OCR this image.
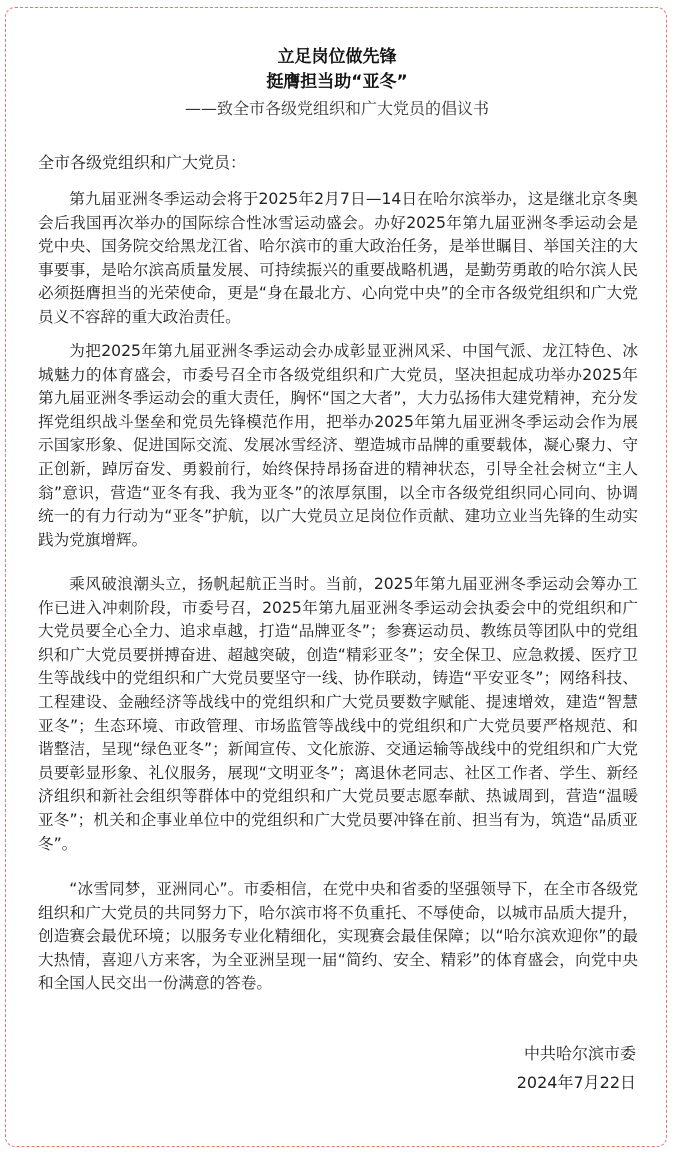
立足岗位做先锋
挺膺担当助“亚冬”
——致全市各级党组织和广大党员的倡议书
全市各级党组织和广大党员：

第九届亚洲冬季运动会将于2025年2月7日—14日在哈尔滨举办，这是继北京冬奥会后我国再次举办的国际综合性冰雪运动盛会。办好2025年第九届亚洲冬季运动会是党中央、国务院交给黑龙江省、哈尔滨市的重大政治任务，是举世瞩目、举国关注的大事要事，是哈尔滨高质量发展、可持续振兴的重要战略机遇，是勤劳勇敢的哈尔滨人民必须挺膺担当的光荣使命，更是“身在最北方、心向党中央”的全市各级党组织和广大党员义不容辞的重大政治责任。

为把2025年第九届亚洲冬季运动会办成彰显亚洲风采、中国气派、龙江特色、冰城魅力的体育盛会，市委号召全市各级党组织和广大党员，坚决担起成功举办2025年第九届亚洲冬季运动会的重大责任，胸怀“国之大者”，大力弘扬伟大建党精神，充分发挥党组织战斗堡垒和党员先锋模范作用，把举办2025年第九届亚洲冬季运动会作为展示国家形象、促进国际交流、发展冰雪经济、塑造城市品牌的重要载体，凝心聚力、守正创新，踔厉奋发、勇毅前行，始终保持昂扬奋进的精神状态，引导全社会树立“主人翁”意识，营造“亚冬有我、我为亚冬”的浓厚氛围，以全市各级党组织同心同向、协调统一的有力行动为“亚冬”护航，以广大党员立足岗位作贡献、建功立业当先锋的生动实践为党旗增辉。

乘风破浪潮头立，扬帆起航正当时。当前，2025年第九届亚洲冬季运动会筹办工作已进入冲刺阶段，市委号召，2025年第九届亚洲冬季运动会执委会中的党组织和广大党员要全心全力、追求卓越，打造“品牌亚冬”；参赛运动员、教练员等团队中的党组织和广大党员要拼搏奋进、超越突破，创造“精彩亚冬”；安全保卫、应急救援、医疗卫生等战线中的党组织和广大党员要坚守一线、协作联动，铸造“平安亚冬”；网络科技、工程建设、金融经济等战线中的党组织和广大党员要数字赋能、提速增效，建造“智慧亚冬”；生态环境、市政管理、市场监管等战线中的党组织和广大党员要严格规范、和谐整洁，呈现“绿色亚冬”；新闻宣传、文化旅游、交通运输等战线中的党组织和广大党员要彰显形象、礼仪服务，展现“文明亚冬”；离退休老同志、社区工作者、学生、新经济组织和新社会组织等群体中的党组织和广大党员要志愿奉献、热诚周到，营造“温暖亚冬”；机关和企事业单位中的党组织和广大党员要冲锋在前、担当有为，筑造“品质亚冬”。

“冰雪同梦，亚洲同心”。市委相信，在党中央和省委的坚强领导下，在全市各级党组织和广大党员的共同努力下，哈尔滨市将不负重托、不辱使命，以城市品质大提升，创造赛会最优环境；以服务专业化精细化，实现赛会最佳保障；以“哈尔滨欢迎你”的最大热情，喜迎八方来客，为全亚洲呈现一届“简约、安全、精彩”的体育盛会，向党中央和全国人民交出一份满意的答卷。

中共哈尔滨市委
2024年7月22日
